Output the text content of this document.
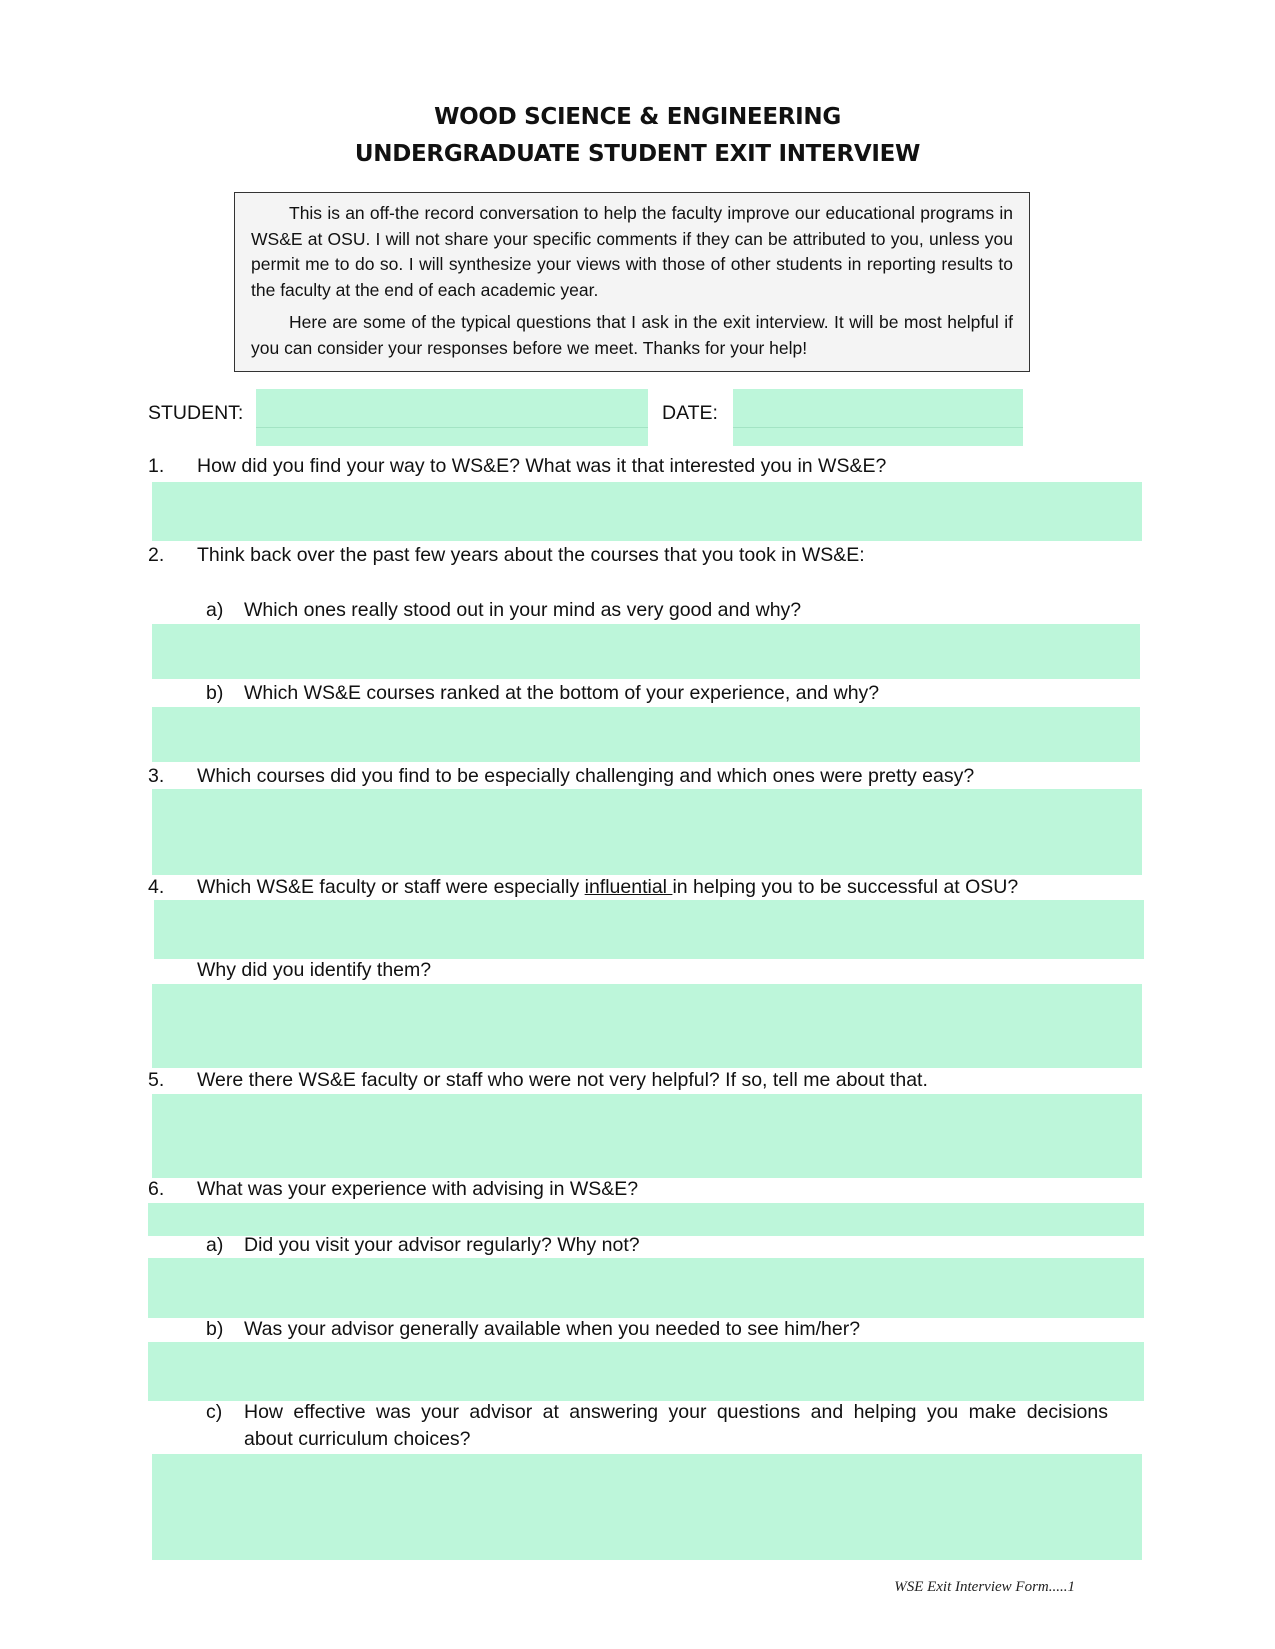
WOOD SCIENCE & ENGINEERING
UNDERGRADUATE STUDENT EXIT INTERVIEW

This is an off-the record conversation to help the faculty improve our educational programs in WS&E at OSU. I will not share your specific comments if they can be attributed to you, unless you permit me to do so. I will synthesize your views with those of other students in reporting results to the faculty at the end of each academic year.

Here are some of the typical questions that I ask in the exit interview. It will be most helpful if you can consider your responses before we meet. Thanks for your help!

STUDENT:	DATE:
1. How did you find your way to WS&E? What was it that interested you in WS&E?
2. Think back over the past few years about the courses that you took in WS&E:
a) Which ones really stood out in your mind as very good and why?
b) Which WS&E courses ranked at the bottom of your experience, and why?
3. Which courses did you find to be especially challenging and which ones were pretty easy?
4. Which WS&E faculty or staff were especially influential in helping you to be successful at OSU?
Why did you identify them?
5. Were there WS&E faculty or staff who were not very helpful? If so, tell me about that.
6. What was your experience with advising in WS&E?
a) Did you visit your advisor regularly? Why not?
b) Was your advisor generally available when you needed to see him/her?
c) How effective was your advisor at answering your questions and helping you make decisions
about curriculum choices?
WSE Exit Interview Form.....1
